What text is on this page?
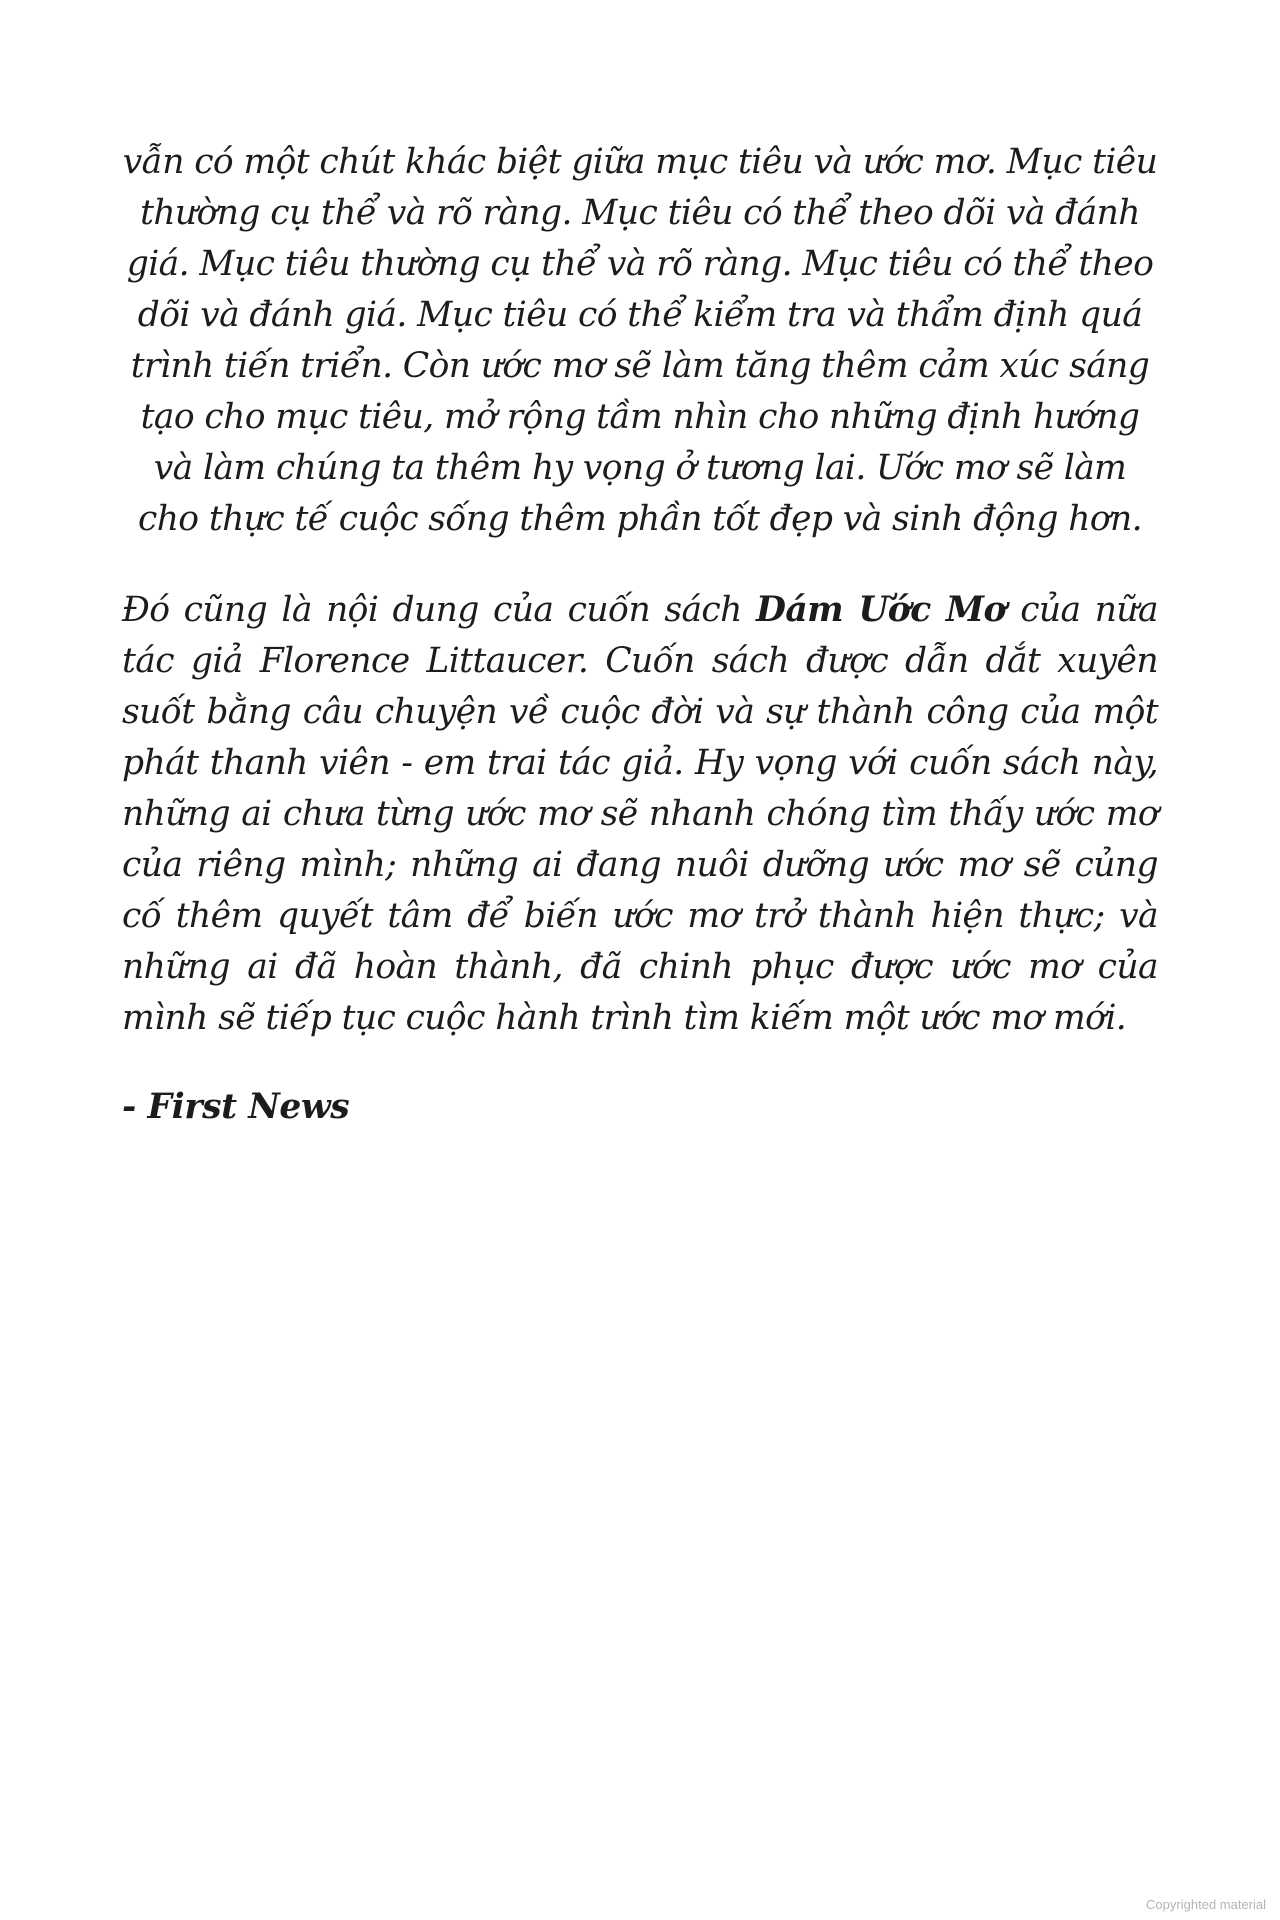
vẫn có một chút khác biệt giữa mục tiêu và ước mơ. Mục tiêu thường cụ thể và rõ ràng. Mục tiêu có thể theo dõi và đánh giá. Mục tiêu thường cụ thể và rõ ràng. Mục tiêu có thể theo dõi và đánh giá. Mục tiêu có thể kiểm tra và thẩm định quá trình tiến triển. Còn ước mơ sẽ làm tăng thêm cảm xúc sáng tạo cho mục tiêu, mở rộng tầm nhìn cho những định hướng và làm chúng ta thêm hy vọng ở tương lai. Ước mơ sẽ làm cho thực tế cuộc sống thêm phần tốt đẹp và sinh động hơn.

Đó cũng là nội dung của cuốn sách Dám Ước Mơ của nữa tác giả Florence Littaucer. Cuốn sách được dẫn dắt xuyên suốt bằng câu chuyện về cuộc đời và sự thành công của một phát thanh viên - em trai tác giả. Hy vọng với cuốn sách này, những ai chưa từng ước mơ sẽ nhanh chóng tìm thấy ước mơ của riêng mình; những ai đang nuôi dưỡng ước mơ sẽ củng cố thêm quyết tâm để biến ước mơ trở thành hiện thực; và những ai đã hoàn thành, đã chinh phục được ước mơ của mình sẽ tiếp tục cuộc hành trình tìm kiếm một ước mơ mới.

- First News

Copyrighted material
